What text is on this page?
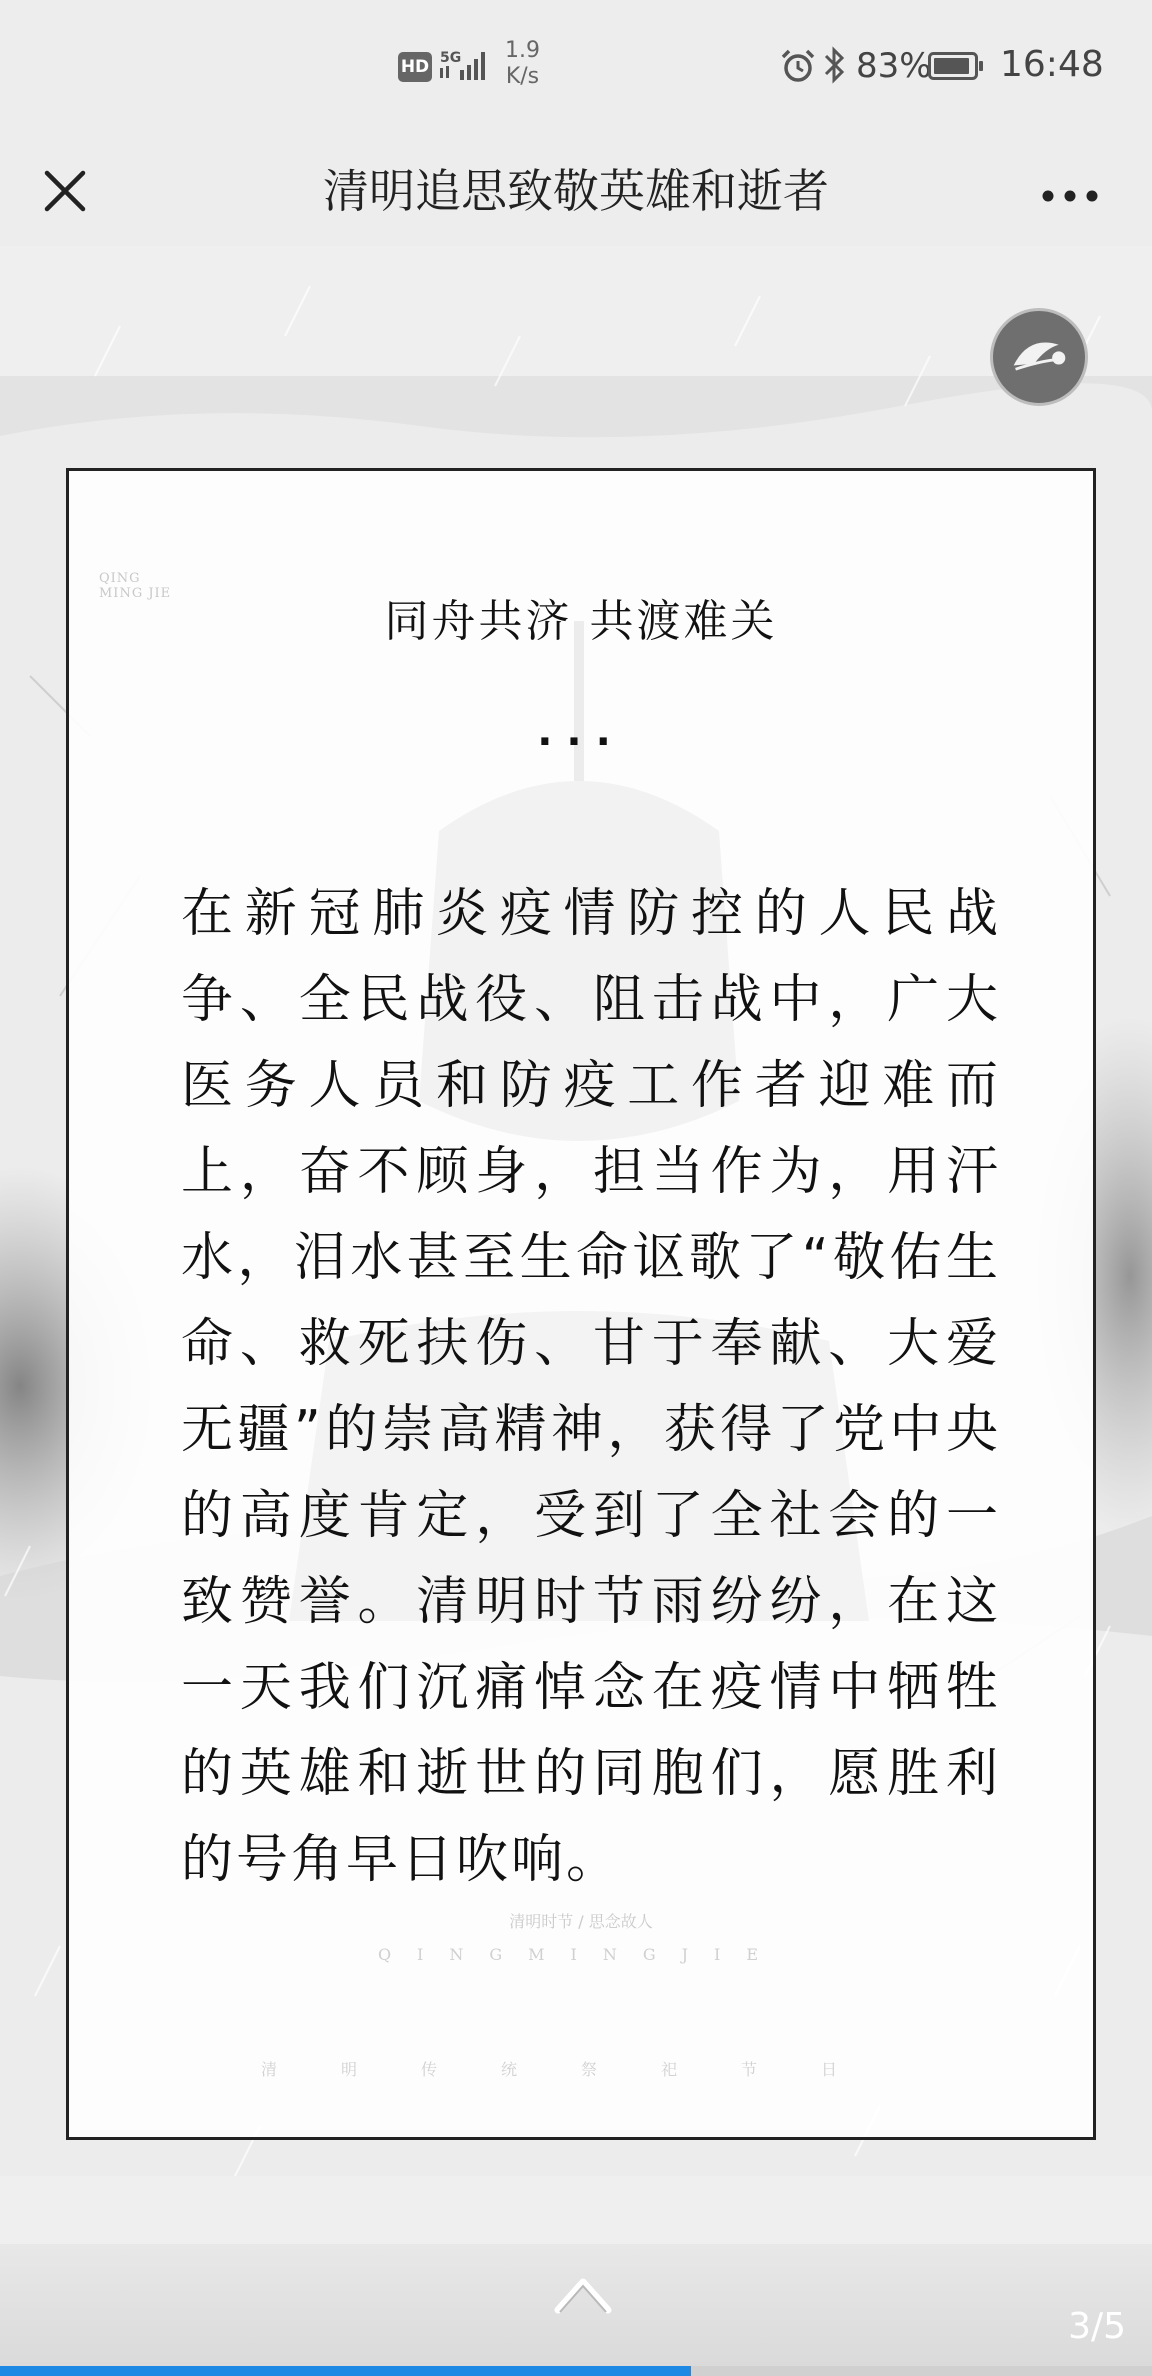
HD 5G 1.9
K/s	83% 16:48
清明追思致敬英雄和逝者
QING MING JIE
同舟共济 共渡难关
···
在新冠肺炎疫情防控的人民战争、全民战役、阻击战中，广大医务人员和防疫工作者迎难而上，奋不顾身，担当作为，用汗水，泪水甚至生命讴歌了“敬佑生命、救死扶伤、甘于奉献、大爱无疆”的崇高精神，获得了党中央的高度肯定，受到了全社会的一致赞誉。清明时节雨纷纷，在这一天我们沉痛悼念在疫情中牺牲的英雄和逝世的同胞们，愿胜利的号角早日吹响。
清明时节 / 思念故人
QINGMINGJIE
清明传统祭祀节日
3/5
